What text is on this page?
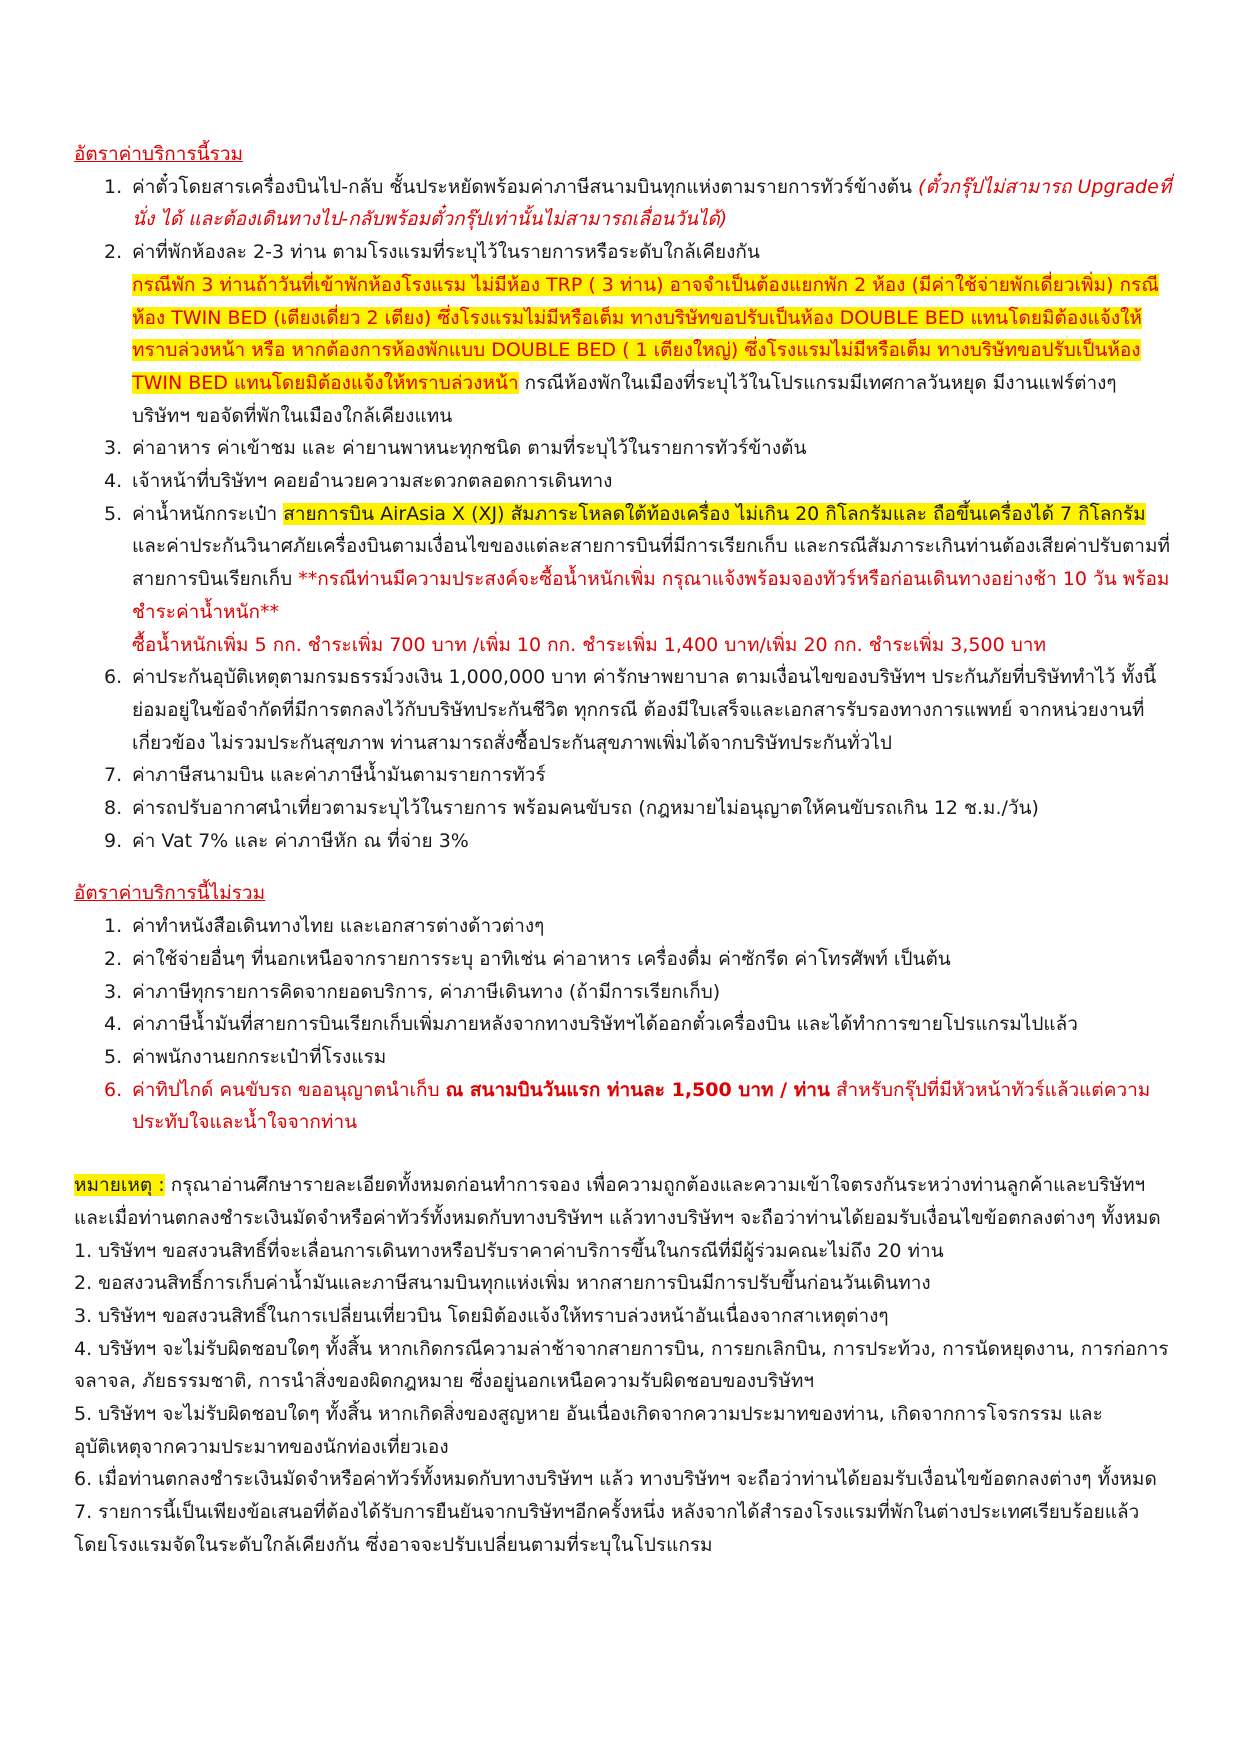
อัตราค่าบริการนี้รวม
1. ค่าตั๋วโดยสารเครื่องบินไป-กลับ ชั้นประหยัดพร้อมค่าภาษีสนามบินทุกแห่งตามรายการทัวร์ข้างต้น (ตั๋วกรุ๊ปไม่สามารถ Upgradeที่นั่ง ได้ และต้องเดินทางไป-กลับพร้อมตั๋วกรุ๊ปเท่านั้นไม่สามารถเลื่อนวันได้)
2. ค่าที่พักห้องละ 2-3 ท่าน ตามโรงแรมที่ระบุไว้ในรายการหรือระดับใกล้เคียงกัน
กรณีพัก 3 ท่านถ้าวันที่เข้าพักห้องโรงแรม ไม่มีห้อง TRP ( 3 ท่าน) อาจจำเป็นต้องแยกพัก 2 ห้อง (มีค่าใช้จ่ายพักเดี่ยวเพิ่ม) กรณีห้อง TWIN BED (เตียงเดี่ยว 2 เตียง) ซึ่งโรงแรมไม่มีหรือเต็ม ทางบริษัทขอปรับเป็นห้อง DOUBLE BED แทนโดยมิต้องแจ้งให้ทราบล่วงหน้า หรือ หากต้องการห้องพักแบบ DOUBLE BED ( 1 เตียงใหญ่) ซึ่งโรงแรมไม่มีหรือเต็ม ทางบริษัทขอปรับเป็นห้อง TWIN BED แทนโดยมิต้องแจ้งให้ทราบล่วงหน้า กรณีห้องพักในเมืองที่ระบุไว้ในโปรแกรมมีเทศกาลวันหยุด มีงานแฟร์ต่างๆ บริษัทฯ ขอจัดที่พักในเมืองใกล้เคียงแทน
3. ค่าอาหาร ค่าเข้าชม และ ค่ายานพาหนะทุกชนิด ตามที่ระบุไว้ในรายการทัวร์ข้างต้น
4. เจ้าหน้าที่บริษัทฯ คอยอำนวยความสะดวกตลอดการเดินทาง
5. ค่าน้ำหนักกระเป๋า สายการบิน AirAsia X (XJ) สัมภาระโหลดใต้ท้องเครื่อง ไม่เกิน 20 กิโลกรัมและ ถือขึ้นเครื่องได้ 7 กิโลกรัม และค่าประกันวินาศภัยเครื่องบินตามเงื่อนไขของแต่ละสายการบินที่มีการเรียกเก็บ และกรณีสัมภาระเกินท่านต้องเสียค่าปรับตามที่สายการบินเรียกเก็บ **กรณีท่านมีความประสงค์จะซื้อน้ำหนักเพิ่ม กรุณาแจ้งพร้อมจองทัวร์หรือก่อนเดินทางอย่างช้า 10 วัน พร้อมชำระค่าน้ำหนัก**
ซื้อน้ำหนักเพิ่ม 5 กก. ชำระเพิ่ม 700 บาท /เพิ่ม 10 กก. ชำระเพิ่ม 1,400 บาท/เพิ่ม 20 กก. ชำระเพิ่ม 3,500 บาท
6. ค่าประกันอุบัติเหตุตามกรมธรรม์วงเงิน 1,000,000 บาท ค่ารักษาพยาบาล ตามเงื่อนไขของบริษัทฯ ประกันภัยที่บริษัททำไว้ ทั้งนี้ย่อมอยู่ในข้อจำกัดที่มีการตกลงไว้กับบริษัทประกันชีวิต ทุกกรณี ต้องมีใบเสร็จและเอกสารรับรองทางการแพทย์ จากหน่วยงานที่เกี่ยวข้อง ไม่รวมประกันสุขภาพ ท่านสามารถสั่งซื้อประกันสุขภาพเพิ่มได้จากบริษัทประกันทั่วไป
7. ค่าภาษีสนามบิน และค่าภาษีน้ำมันตามรายการทัวร์
8. ค่ารถปรับอากาศนำเที่ยวตามระบุไว้ในรายการ พร้อมคนขับรถ (กฎหมายไม่อนุญาตให้คนขับรถเกิน 12 ช.ม./วัน)
9. ค่า Vat 7% และ ค่าภาษีหัก ณ ที่จ่าย 3%
อัตราค่าบริการนี้ไม่รวม
1. ค่าทำหนังสือเดินทางไทย และเอกสารต่างด้าวต่างๆ
2. ค่าใช้จ่ายอื่นๆ ที่นอกเหนือจากรายการระบุ อาทิเช่น ค่าอาหาร เครื่องดื่ม ค่าซักรีด ค่าโทรศัพท์ เป็นต้น
3. ค่าภาษีทุกรายการคิดจากยอดบริการ, ค่าภาษีเดินทาง (ถ้ามีการเรียกเก็บ)
4. ค่าภาษีน้ำมันที่สายการบินเรียกเก็บเพิ่มภายหลังจากทางบริษัทฯได้ออกตั๋วเครื่องบิน และได้ทำการขายโปรแกรมไปแล้ว
5. ค่าพนักงานยกกระเป๋าที่โรงแรม
6. ค่าทิปไกด์ คนขับรถ ขออนุญาตนำเก็บ ณ สนามบินวันแรก ท่านละ 1,500 บาท / ท่าน สำหรับกรุ๊ปที่มีหัวหน้าทัวร์แล้วแต่ความประทับใจและน้ำใจจากท่าน

หมายเหตุ : กรุณาอ่านศึกษารายละเอียดทั้งหมดก่อนทำการจอง เพื่อความถูกต้องและความเข้าใจตรงกันระหว่างท่านลูกค้าและบริษัทฯ และเมื่อท่านตกลงชำระเงินมัดจำหรือค่าทัวร์ทั้งหมดกับทางบริษัทฯ แล้วทางบริษัทฯ จะถือว่าท่านได้ยอมรับเงื่อนไขข้อตกลงต่างๆ ทั้งหมด

1. บริษัทฯ ขอสงวนสิทธิ์ที่จะเลื่อนการเดินทางหรือปรับราคาค่าบริการขึ้นในกรณีที่มีผู้ร่วมคณะไม่ถึง 20 ท่าน

2. ขอสงวนสิทธิ์การเก็บค่าน้ำมันและภาษีสนามบินทุกแห่งเพิ่ม หากสายการบินมีการปรับขึ้นก่อนวันเดินทาง

3. บริษัทฯ ขอสงวนสิทธิ์ในการเปลี่ยนเที่ยวบิน โดยมิต้องแจ้งให้ทราบล่วงหน้าอันเนื่องจากสาเหตุต่างๆ

4. บริษัทฯ จะไม่รับผิดชอบใดๆ ทั้งสิ้น หากเกิดกรณีความล่าช้าจากสายการบิน, การยกเลิกบิน, การประท้วง, การนัดหยุดงาน, การก่อการจลาจล, ภัยธรรมชาติ, การนำสิ่งของผิดกฎหมาย ซึ่งอยู่นอกเหนือความรับผิดชอบของบริษัทฯ

5. บริษัทฯ จะไม่รับผิดชอบใดๆ ทั้งสิ้น หากเกิดสิ่งของสูญหาย อันเนื่องเกิดจากความประมาทของท่าน, เกิดจากการโจรกรรม และ อุบัติเหตุจากความประมาทของนักท่องเที่ยวเอง

6. เมื่อท่านตกลงชำระเงินมัดจำหรือค่าทัวร์ทั้งหมดกับทางบริษัทฯ แล้ว ทางบริษัทฯ จะถือว่าท่านได้ยอมรับเงื่อนไขข้อตกลงต่างๆ ทั้งหมด

7. รายการนี้เป็นเพียงข้อเสนอที่ต้องได้รับการยืนยันจากบริษัทฯอีกครั้งหนึ่ง หลังจากได้สำรองโรงแรมที่พักในต่างประเทศเรียบร้อยแล้ว โดยโรงแรมจัดในระดับใกล้เคียงกัน ซึ่งอาจจะปรับเปลี่ยนตามที่ระบุในโปรแกรม
